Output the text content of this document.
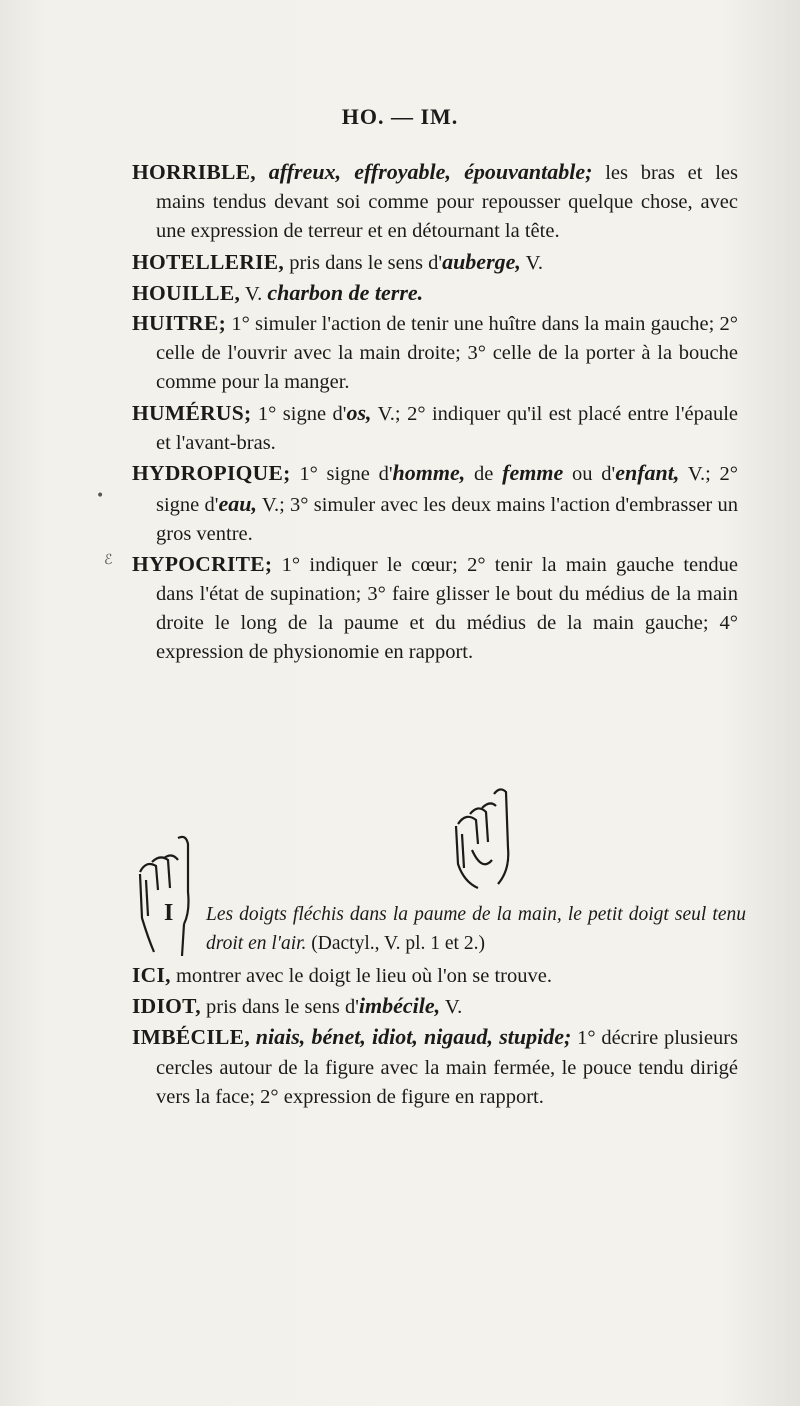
HO. — IM.

HORRIBLE, affreux, effroyable, épouvantable; les bras et les mains tendus devant soi comme pour repousser quelque chose, avec une expression de terreur et en détournant la tête.

HOTELLERIE, pris dans le sens d'auberge, V.

HOUILLE, V. charbon de terre.

HUITRE; 1° simuler l'action de tenir une huître dans la main gauche; 2° celle de l'ouvrir avec la main droite; 3° celle de la porter à la bouche comme pour la manger.

HUMÉRUS; 1° signe d'os, V.; 2° indiquer qu'il est placé entre l'épaule et l'avant-bras.

HYDROPIQUE; 1° signe d'homme, de femme ou d'enfant, V.; 2° signe d'eau, V.; 3° simuler avec les deux mains l'action d'embrasser un gros ventre.

HYPOCRITE; 1° indiquer le cœur; 2° tenir la main gauche tendue dans l'état de supination; 3° faire glisser le bout du médius de la main droite le long de la paume et du médius de la main gauche; 4° expression de physionomie en rapport.

I Les doigts fléchis dans la paume de la main, le petit doigt seul tenu droit en l'air. (Dactyl., V. pl. 1 et 2.)

ICI, montrer avec le doigt le lieu où l'on se trouve.

IDIOT, pris dans le sens d'imbécile, V.

IMBÉCILE, niais, bénet, idiot, nigaud, stupide; 1° décrire plusieurs cercles autour de la figure avec la main fermée, le pouce tendu dirigé vers la face; 2° expression de figure en rapport.

•
ℰ
